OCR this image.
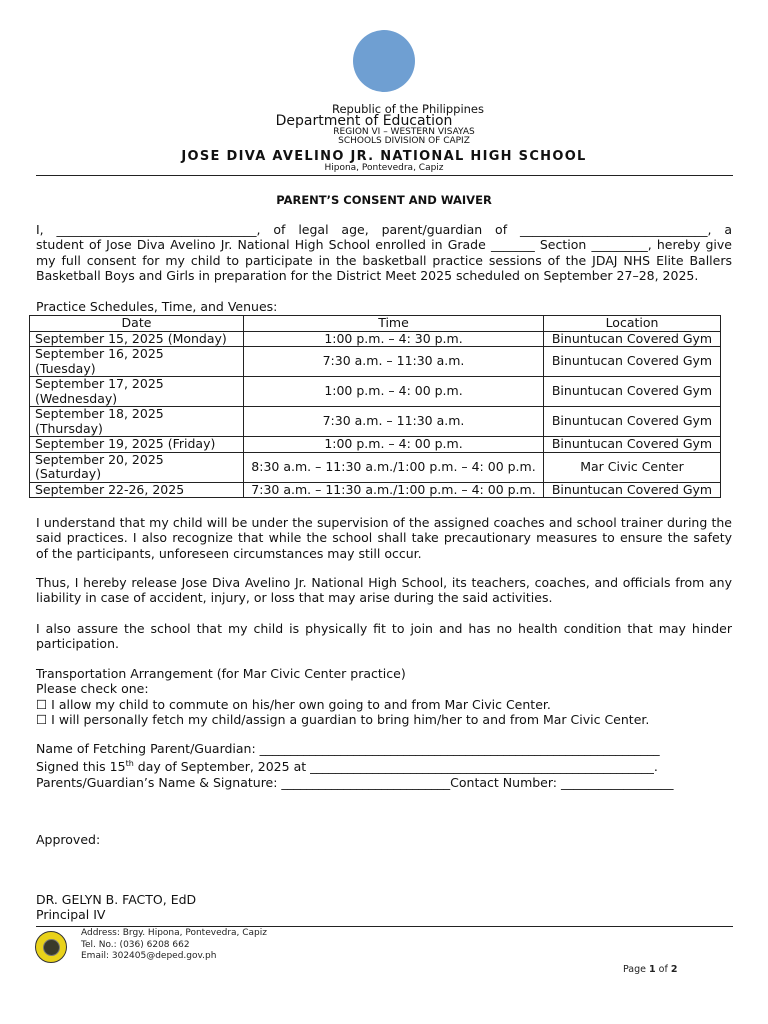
Republic of the Philippines
Department of Education
REGION VI – WESTERN VISAYAS
SCHOOLS DIVISION OF CAPIZ
JOSE DIVA AVELINO JR. NATIONAL HIGH SCHOOL
Hipona, Pontevedra, Capiz
PARENT’S CONSENT AND WAIVER
I, ________________________________, of legal age, parent/guardian of ______________________________, a
student of Jose Diva Avelino Jr. National High School enrolled in Grade _______ Section _________, hereby give
my full consent for my child to participate in the basketball practice sessions of the JDAJ NHS Elite Ballers
Basketball Boys and Girls in preparation for the District Meet 2025 scheduled on September 27–28, 2025.
Practice Schedules, Time, and Venues:
Date	Time	Location
September 15, 2025 (Monday)	1:00 p.m. – 4: 30 p.m.	Binuntucan Covered Gym
September 16, 2025
(Tuesday)	7:30 a.m. – 11:30 a.m.	Binuntucan Covered Gym
September 17, 2025
(Wednesday)	1:00 p.m. – 4: 00 p.m.	Binuntucan Covered Gym
September 18, 2025
(Thursday)	7:30 a.m. – 11:30 a.m.	Binuntucan Covered Gym
September 19, 2025 (Friday)	1:00 p.m. – 4: 00 p.m.	Binuntucan Covered Gym
September 20, 2025
(Saturday)	8:30 a.m. – 11:30 a.m./1:00 p.m. – 4: 00 p.m.	Mar Civic Center
September 22-26, 2025	7:30 a.m. – 11:30 a.m./1:00 p.m. – 4: 00 p.m.	Binuntucan Covered Gym
I understand that my child will be under the supervision of the assigned coaches and school trainer during the
said practices. I also recognize that while the school shall take precautionary measures to ensure the safety
of the participants, unforeseen circumstances may still occur.
Thus, I hereby release Jose Diva Avelino Jr. National High School, its teachers, coaches, and officials from any
liability in case of accident, injury, or loss that may arise during the said activities.
I also assure the school that my child is physically fit to join and has no health condition that may hinder
participation.
Transportation Arrangement (for Mar Civic Center practice)
Please check one:
☐ I allow my child to commute on his/her own going to and from Mar Civic Center.
☐ I will personally fetch my child/assign a guardian to bring him/her to and from Mar Civic Center.
Name of Fetching Parent/Guardian: ________________________________________________________________
Signed this 15th day of September, 2025 at _______________________________________________________.
Parents/Guardian’s Name & Signature: ___________________________Contact Number: __________________
Approved:
DR. GELYN B. FACTO, EdD
Principal IV
Address: Brgy. Hipona, Pontevedra, Capiz
Tel. No.: (036) 6208 662
Email: 302405@deped.gov.ph
Page 1 of 2
